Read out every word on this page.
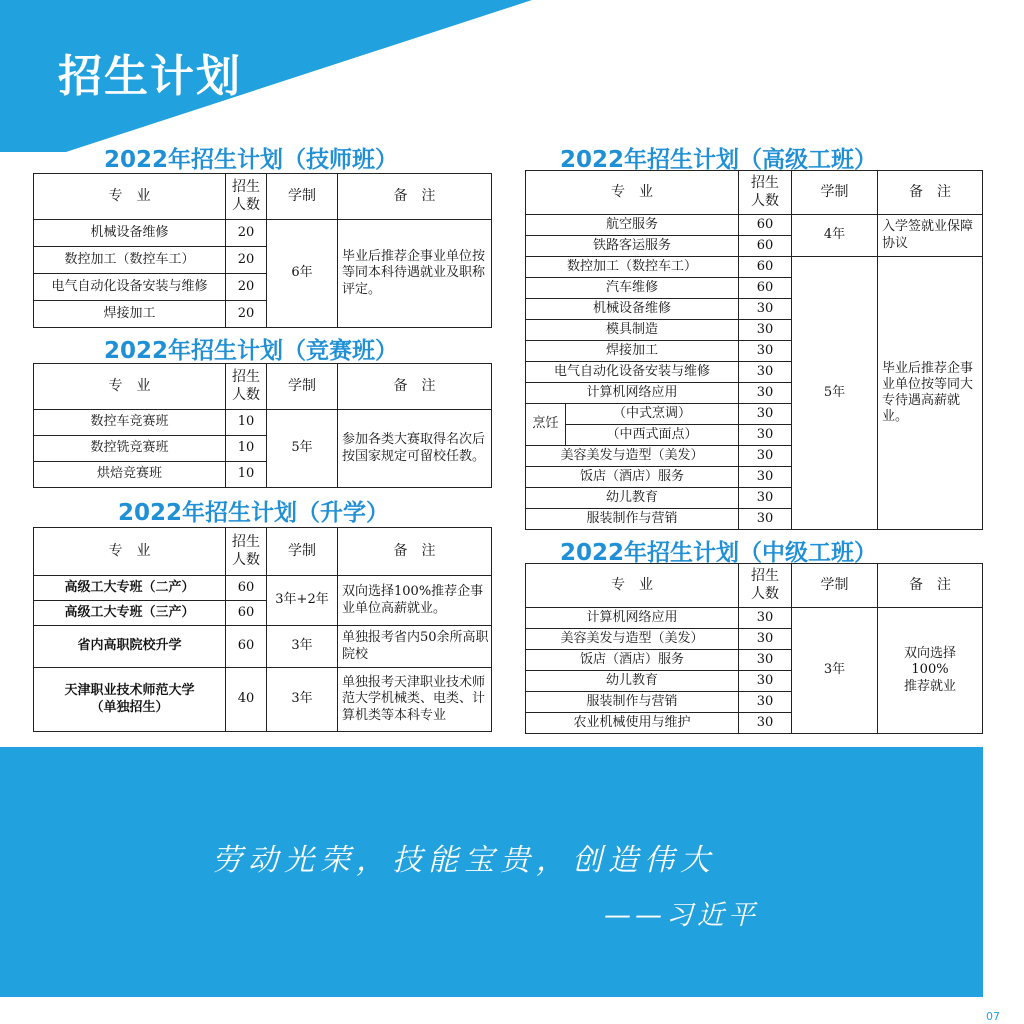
招生计划
2022年招生计划（技师班）
专　业	招生
人数	学制	备　注
机械设备维修	20	6年	毕业后推荐企事业单位按等同本科待遇就业及职称评定。
数控加工（数控车工）	20		
电气自动化设备安装与维修	20		
焊接加工	20		
2022年招生计划（竞赛班）
专　业	招生
人数	学制	备　注
数控车竞赛班	10	5年	参加各类大赛取得名次后按国家规定可留校任教。
数控铣竞赛班	10		
烘焙竞赛班	10		
2022年招生计划（升学）
专　业	招生
人数	学制	备　注
高级工大专班（二产）	60	3年+2年	双向选择100%推荐企事业单位高薪就业。
高级工大专班（三产）	60		
省内高职院校升学	60	3年	单独报考省内50余所高职院校
天津职业技术师范大学
（单独招生）	40	3年	单独报考天津职业技术师范大学机械类、电类、计算机类等本科专业
2022年招生计划（高级工班）
专　业		招生
人数	学制	备　注
航空服务		60	4年	入学签就业保障协议
铁路客运服务		60		
数控加工（数控车工）		60	5年	毕业后推荐企事业单位按等同大专待遇高薪就业。
汽车维修		60		
机械设备维修		30		
模具制造		30		
焊接加工		30		
电气自动化设备安装与维修		30		
计算机网络应用		30		
烹饪	（中式烹调）	30		
	（中西式面点）	30		
美容美发与造型（美发）		30		
饭店（酒店）服务		30		
幼儿教育		30		
服装制作与营销		30		
2022年招生计划（中级工班）
专　业	招生
人数	学制	备　注
计算机网络应用	30	3年	双向选择
100%
推荐就业
美容美发与造型（美发）	30		
饭店（酒店）服务	30		
幼儿教育	30		
服装制作与营销	30		
农业机械使用与维护	30		
劳动光荣，技能宝贵，创造伟大
——习近平
07
